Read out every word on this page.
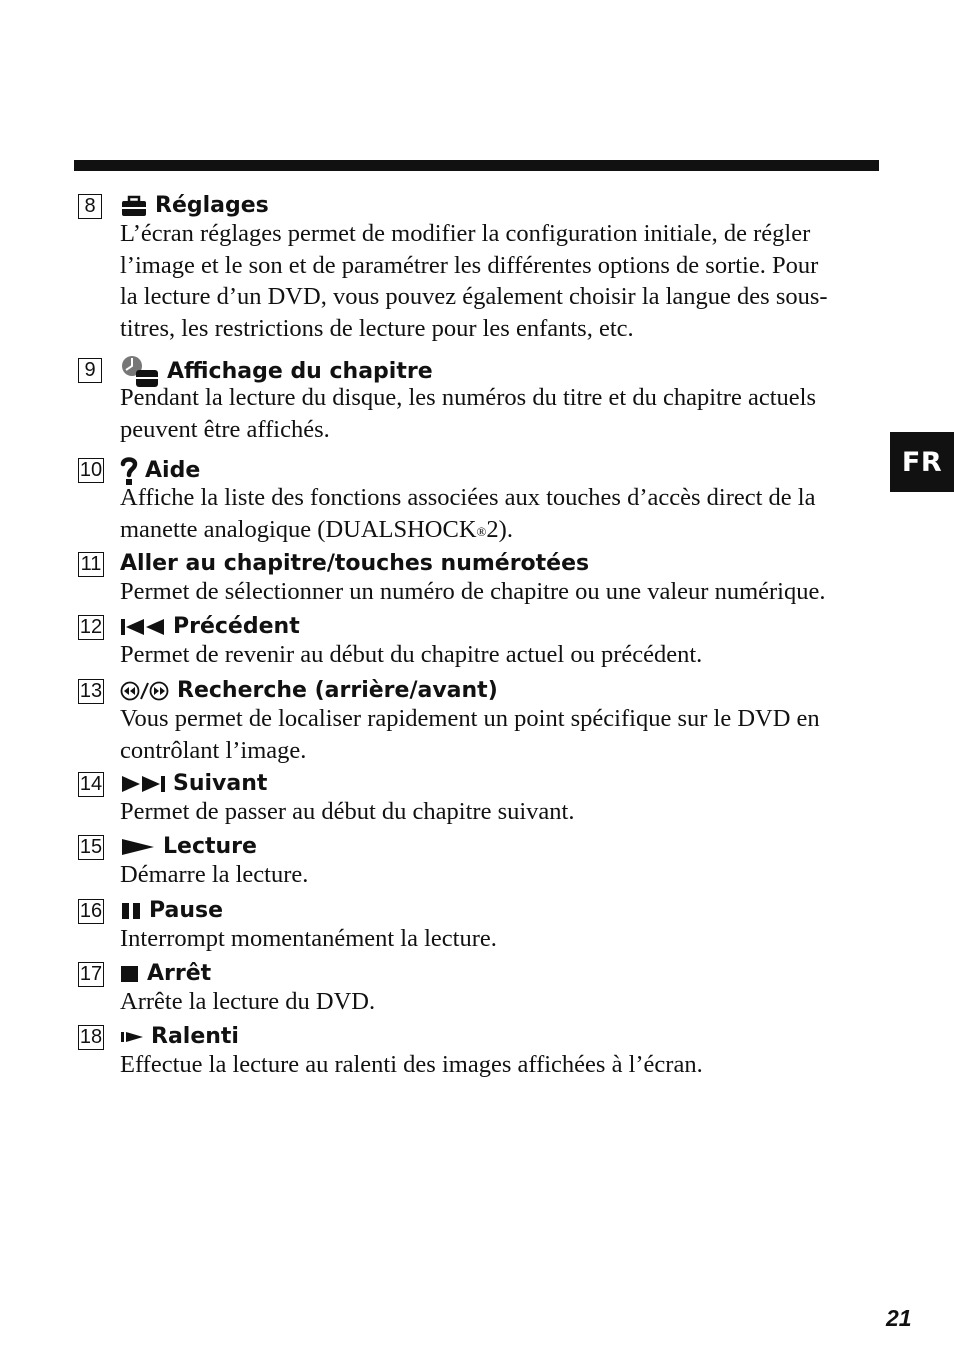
FR
8	Réglages
L’écran réglages permet de modifier la configuration initiale, de régler
l’image et le son et de paramétrer les différentes options de sortie. Pour
la lecture d’un DVD, vous pouvez également choisir la langue des sous-
titres, les restrictions de lecture pour les enfants, etc.
9	Affichage du chapitre
Pendant la lecture du disque, les numéros du titre et du chapitre actuels
peuvent être affichés.
10 Aide
Affiche la liste des fonctions associées aux touches d’accès direct de la
manette analogique (DUALSHOCK®2).
11 Aller au chapitre/touches numérotées
Permet de sélectionner un numéro de chapitre ou une valeur numérique.
12	Précédent
Permet de revenir au début du chapitre actuel ou précédent.
13	Recherche (arrière/avant)
Vous permet de localiser rapidement un point spécifique sur le DVD en
contrôlant l’image.
14	Suivant
Permet de passer au début du chapitre suivant.
15	Lecture
Démarre la lecture.
16 Pause
Interrompt momentanément la lecture.
17 Arrêt
Arrête la lecture du DVD.
18 Ralenti
Effectue la lecture au ralenti des images affichées à l’écran.
21
